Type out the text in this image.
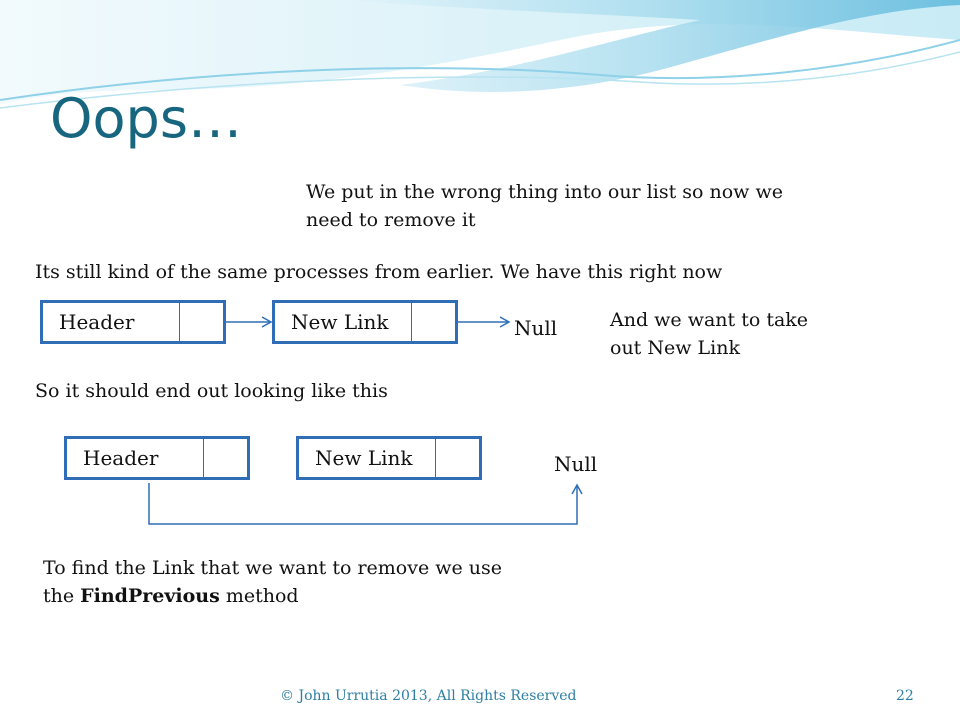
Oops…
We put in the wrong thing into our list so now we
need to remove it
Its still kind of the same processes from earlier. We have this right now
Header	New Link	Null	And we want to take
out New Link
So it should end out looking like this
Header	New Link	Null
To find the Link that we want to remove we use
the FindPrevious method
© John Urrutia 2013, All Rights Reserved	22
